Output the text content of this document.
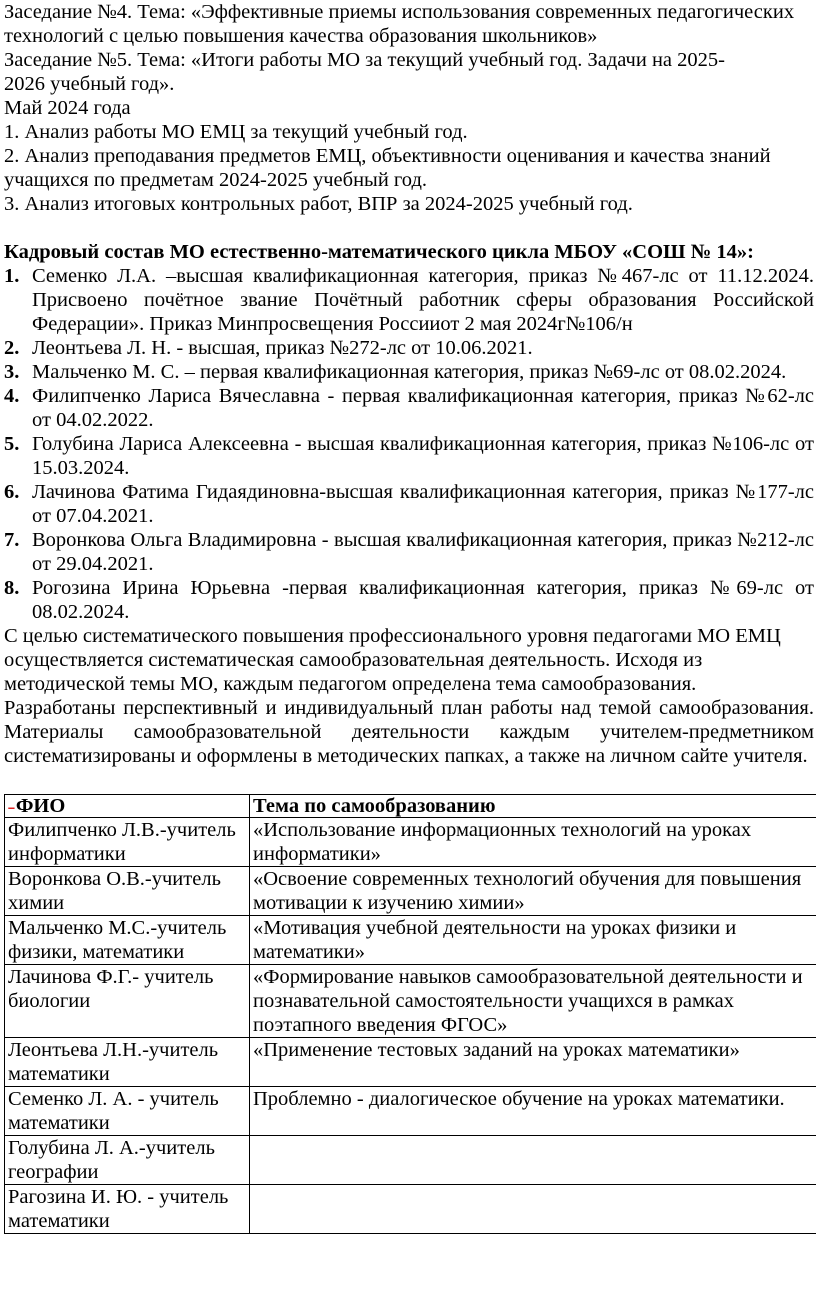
Заседание №4. Тема: «Эффективные приемы использования современных педагогических
технологий с целью повышения качества образования школьников»
Заседание №5. Тема: «Итоги работы МО за текущий учебный год. Задачи на 2025-
2026 учебный год».
Май 2024 года
1. Анализ работы МО ЕМЦ за текущий учебный год.
2. Анализ преподавания предметов ЕМЦ, объективности оценивания и качества знаний
учащихся по предметам 2024-2025 учебный год.
3. Анализ итоговых контрольных работ, ВПР за 2024-2025 учебный год.
Кадровый состав МО естественно-математического цикла МБОУ «СОШ № 14»:
1. Семенко Л.А. –высшая квалификационная категория, приказ №467-лс от 11.12.2024. Присвоено почётное звание Почётный работник сферы образования Российской Федерации». Приказ Минпросвещения Россииот 2 мая 2024г№106/н
2. Леонтьева Л. Н. - высшая, приказ №272-лс от 10.06.2021.
3. Мальченко М. С. – первая квалификационная категория, приказ №69-лс от 08.02.2024.
4. Филипченко Лариса Вячеславна - первая квалификационная категория, приказ №62-лс от 04.02.2022.
5. Голубина Лариса Алексеевна - высшая квалификационная категория, приказ №106-лс от 15.03.2024.
6. Лачинова Фатима Гидаядиновна-высшая квалификационная категория, приказ №177-лс от 07.04.2021.
7. Воронкова Ольга Владимировна - высшая квалификационная категория, приказ №212-лс от 29.04.2021.
8. Рогозина Ирина Юрьевна -первая квалификационная категория, приказ №69-лс от 08.02.2024.

С целью систематического повышения профессионального уровня педагогами МО ЕМЦ осуществляется систематическая самообразовательная деятельность. Исходя из методической темы МО, каждым педагогом определена тема самообразования.

Разработаны перспективный и индивидуальный план работы над темой самообразования. Материалы самообразовательной деятельности каждым учителем-предметником систематизированы и оформлены в методических папках, а также на личном сайте учителя.

˗ФИО	Тема по самообразованию
Филипченко Л.В.-учитель информатики	«Использование информационных технологий на уроках информатики»
Воронкова О.В.-учитель химии	«Освоение современных технологий обучения для повышения мотивации к изучению химии»
Мальченко М.С.-учитель физики, математики	«Мотивация учебной деятельности на уроках физики и математики»
Лачинова Ф.Г.- учитель биологии	«Формирование навыков самообразовательной деятельности и познавательной самостоятельности учащихся в рамках поэтапного введения ФГОС»
Леонтьева Л.Н.-учитель математики	«Применение тестовых заданий на уроках математики»
Семенко Л. А. - учитель математики	Проблемно - диалогическое обучение на уроках математики.
Голубина Л. А.-учитель географии	
Рагозина И. Ю. - учитель математики	
